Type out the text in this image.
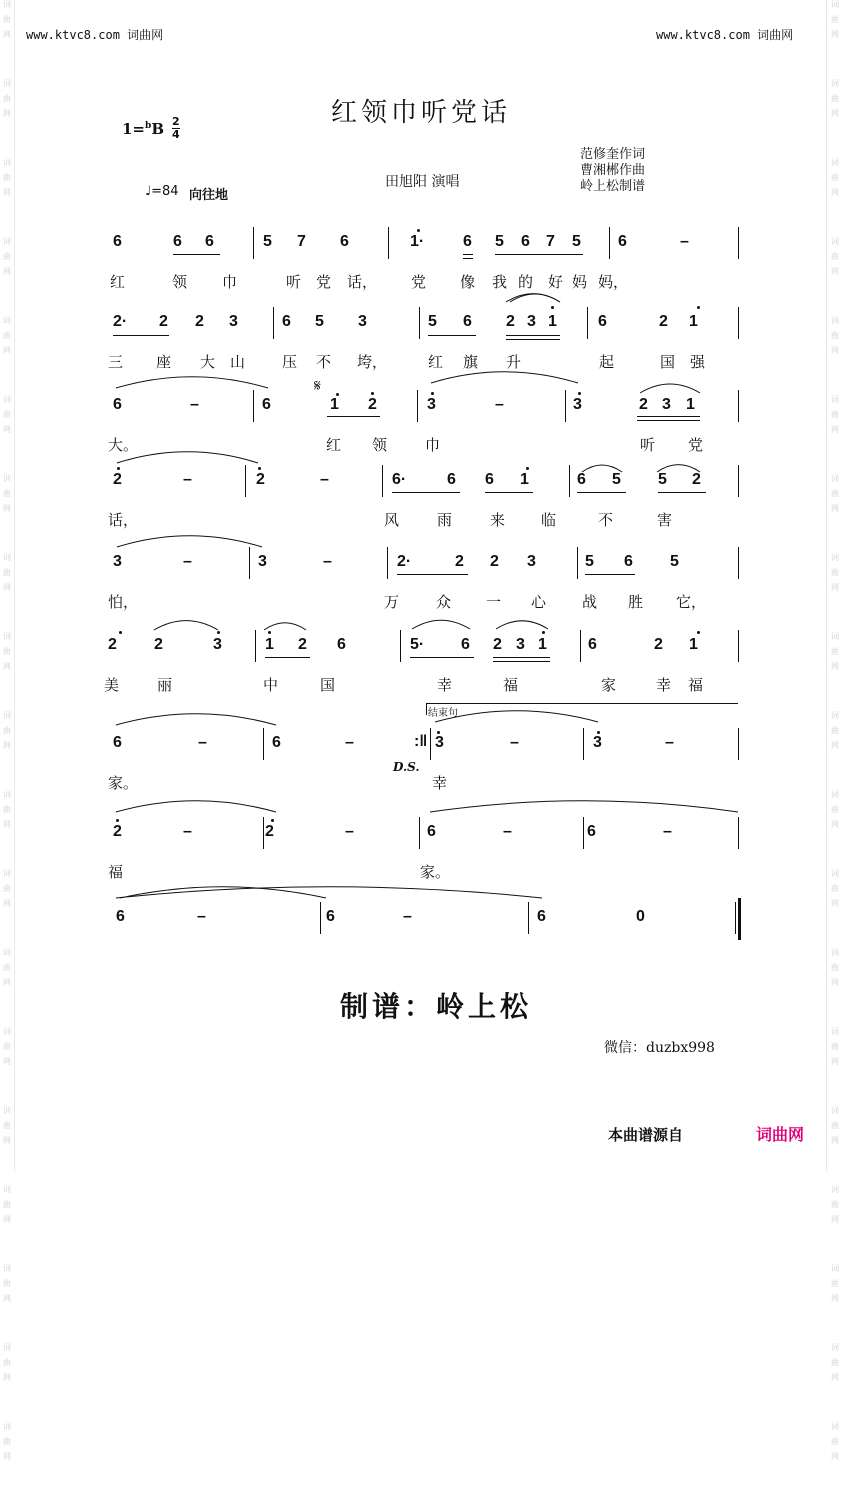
词
曲
网
词
曲
网
词
曲
网
词
曲
网
词
曲
网
词
曲
网
词
曲
网
词
曲
网
词
曲
网
词
曲
网
词
曲
网
词
曲
网
词
曲
网
词
曲
网
词
曲
网
词
曲
网
词
曲
网
词
曲
网
词
曲
网
词
曲
网
词
曲
网
词
曲
网
词
曲
网
词
曲
网
词
曲
网
词
曲
网
词
曲
网
词
曲
网
词
曲
网
词
曲
网
词
曲
网
词
曲
网
词
曲
网
词
曲
网
词
曲
网
词
曲
网
词
曲
网
词
曲
网
www.ktvc8.com 词曲网	www.ktvc8.com 词曲网
红领巾听党话
1=$^b$B 2
4
♩=84 向往地
田旭阳 演唱
范修奎作词
曹湘郴作曲
岭上松制谱
6	6 6	5 7 6	1· 6 5 6 7 5 6	–
红	领 巾	听 党 话， 党 像 我 的 好 妈 妈，
2· 2 2 3	6 5 3	5 6 2 3 1	6	2 1
三 座 大 山 压 不 垮，	红 旗 升	起	国 强
6	–	6	1 2	3	–	3	2 3 1
大。	红 领	巾	听 党
2	–	2	–	6·	6 6 1	6 5 5 2
话，	风	雨	来 临	不	害
3	–	3	–	2·	2 2 3	5 6 5
怕，	万 众 一 心 战 胜 它，
2 2	3	1 2 6	5· 6 2 3 1	6	2 1
美	丽	中	国	幸	福	家	幸 福
6	–	6	–	3	–	3	–
家。	幸
2	–	2	–	6	–	6	–
福	家。
6	–	6	–	6	0
:‖
𝄋
D.S.
结束句
制谱：岭上松
微信：duzbx998
本曲谱源自	词曲网
